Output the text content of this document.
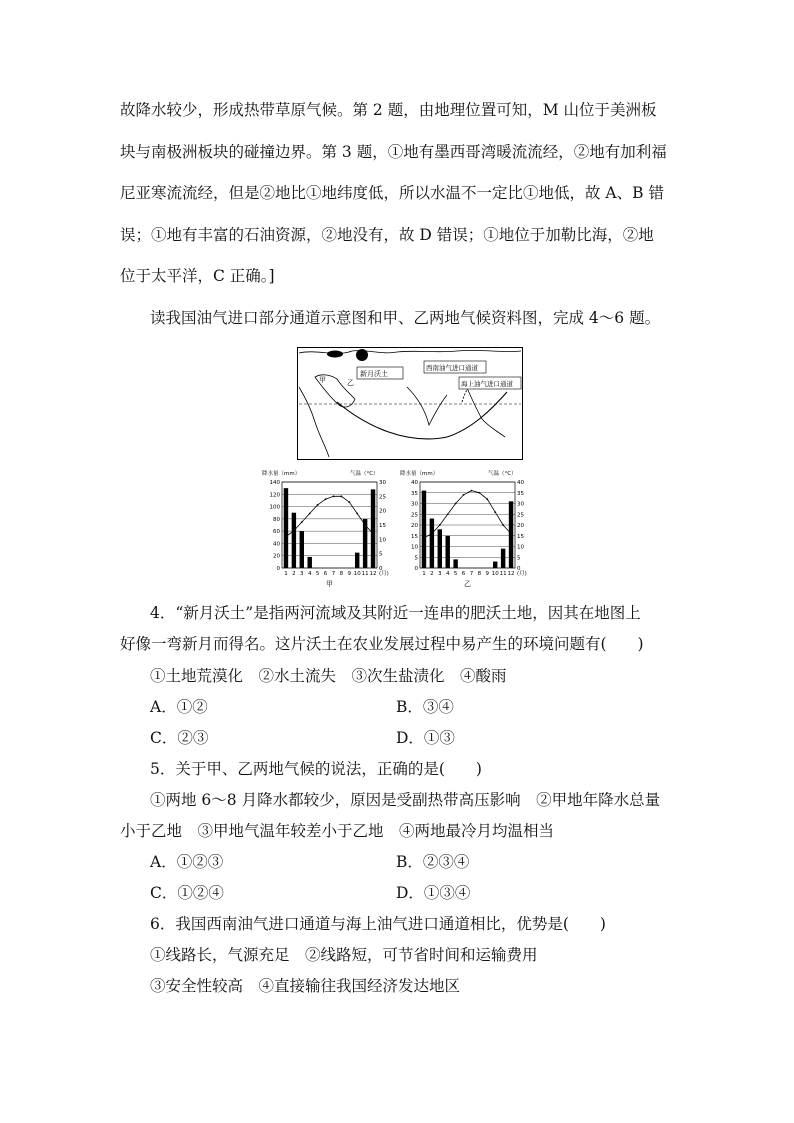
故降水较少，形成热带草原气候。第 2 题，由地理位置可知，M 山位于美洲板
块与南极洲板块的碰撞边界。第 3 题，①地有墨西哥湾暖流流经，②地有加利福
尼亚寒流流经，但是②地比①地纬度低，所以水温不一定比①地低，故 A、B 错
误；①地有丰富的石油资源，②地没有，故 D 错误；①地位于加勒比海，②地
位于太平洋，C 正确。]
读我国油气进口部分通道示意图和甲、乙两地气候资料图，完成 4～6 题。
新月沃土
西南油气进口通道
海上油气进口通道
甲	乙
降水量（mm）	气温（°C）
0
20
40
60
80
100
120
140
0
5
10
15
20
25
30
1 2 3 4 5 6 7 8 9 10 11 12 (月)
甲
降水量（mm）	气温（°C）
0
5
10
15
20
25
30
35
40
0
5
10
15
20
25
30
35
40
1 2 3 4 5 6 7 8 9 10 11 12 (月)
乙
4．“新月沃土”是指两河流域及其附近一连串的肥沃土地，因其在地图上
好像一弯新月而得名。这片沃土在农业发展过程中易产生的环境问题有(　　)
①土地荒漠化　②水土流失　③次生盐渍化　④酸雨
A．①②	B．③④
C．②③	D．①③
5．关于甲、乙两地气候的说法，正确的是(　　)
①两地 6～8 月降水都较少，原因是受副热带高压影响　②甲地年降水总量
小于乙地　③甲地气温年较差小于乙地　④两地最冷月均温相当
A．①②③	B．②③④
C．①②④	D．①③④
6．我国西南油气进口通道与海上油气进口通道相比，优势是(　　)
①线路长，气源充足　②线路短，可节省时间和运输费用
③安全性较高　④直接输往我国经济发达地区
